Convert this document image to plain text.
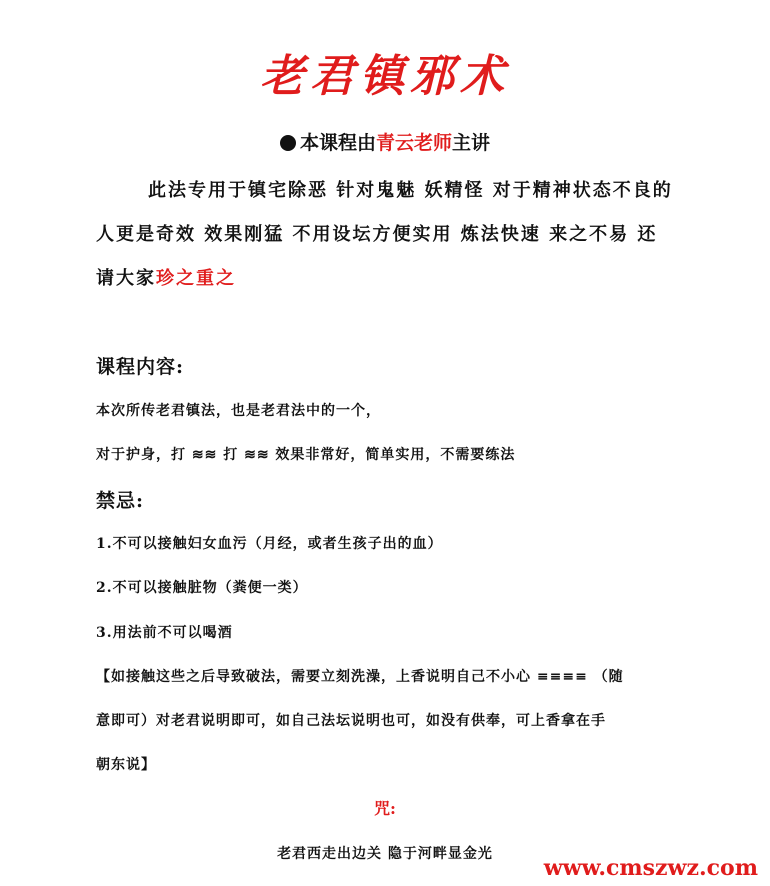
老君镇邪术
本课程由青云老师主讲
此法专用于镇宅除恶 针对鬼魅 妖精怪 对于精神状态不良的
人更是奇效 效果刚猛 不用设坛方便实用 炼法快速 来之不易 还
请大家珍之重之
课程内容:
本次所传老君镇法，也是老君法中的一个，
对于护身，打 ≋≋ 打 ≋≋ 效果非常好，简单实用，不需要练法
禁忌:
1.不可以接触妇女血污（月经，或者生孩子出的血）
2.不可以接触脏物（粪便一类）
3.用法前不可以喝酒
【如接触这些之后导致破法，需要立刻洗澡，上香说明自己不小心 ≡≡≡≡ （随
意即可）对老君说明即可，如自己法坛说明也可，如没有供奉，可上香拿在手
朝东说】
咒:
老君西走出边关 隐于河畔显金光
www.cmszwz.com
